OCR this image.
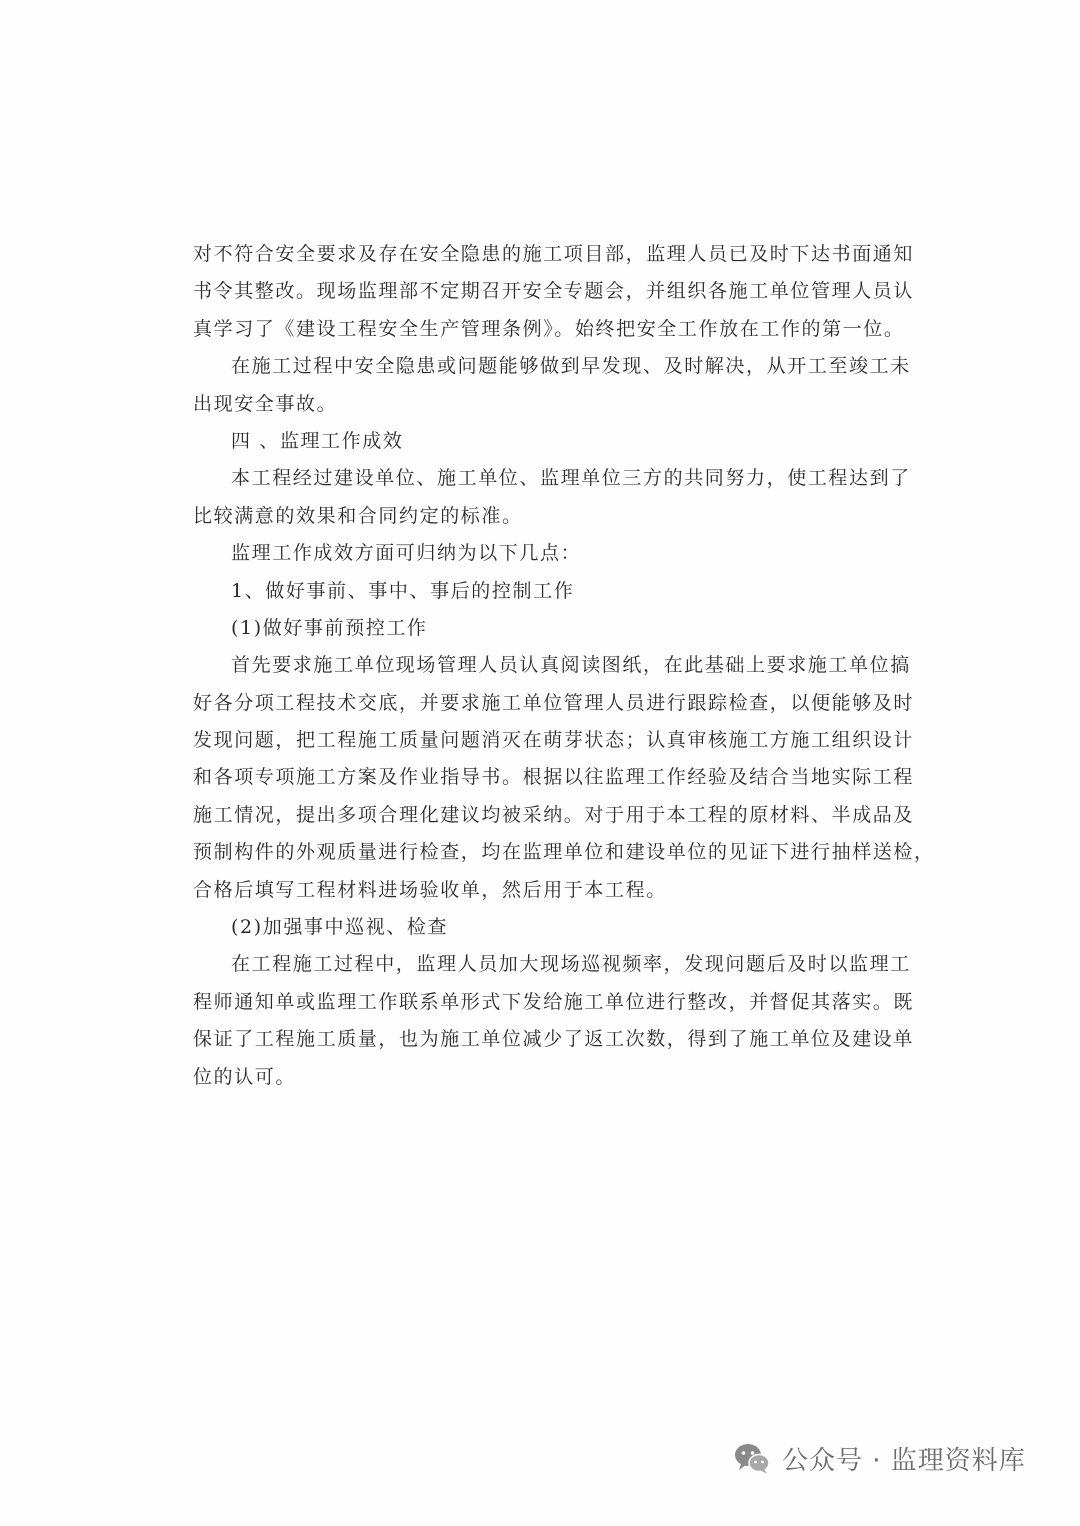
对不符合安全要求及存在安全隐患的施工项目部，监理人员已及时下达书面通知
书令其整改。现场监理部不定期召开安全专题会，并组织各施工单位管理人员认
真学习了《建设工程安全生产管理条例》。始终把安全工作放在工作的第一位。
在施工过程中安全隐患或问题能够做到早发现、及时解决，从开工至竣工未
出现安全事故。
四 、监理工作成效
本工程经过建设单位、施工单位、监理单位三方的共同努力，使工程达到了
比较满意的效果和合同约定的标准。
监理工作成效方面可归纳为以下几点：
1、做好事前、事中、事后的控制工作
(1)做好事前预控工作
首先要求施工单位现场管理人员认真阅读图纸，在此基础上要求施工单位搞
好各分项工程技术交底，并要求施工单位管理人员进行跟踪检查，以便能够及时
发现问题，把工程施工质量问题消灭在萌芽状态；认真审核施工方施工组织设计
和各项专项施工方案及作业指导书。根据以往监理工作经验及结合当地实际工程
施工情况，提出多项合理化建议均被采纳。对于用于本工程的原材料、半成品及
预制构件的外观质量进行检查，均在监理单位和建设单位的见证下进行抽样送检，
合格后填写工程材料进场验收单，然后用于本工程。
(2)加强事中巡视、检查
在工程施工过程中，监理人员加大现场巡视频率，发现问题后及时以监理工
程师通知单或监理工作联系单形式下发给施工单位进行整改，并督促其落实。既
保证了工程施工质量，也为施工单位减少了返工次数，得到了施工单位及建设单
位的认可。
公众号 · 监理资料库
